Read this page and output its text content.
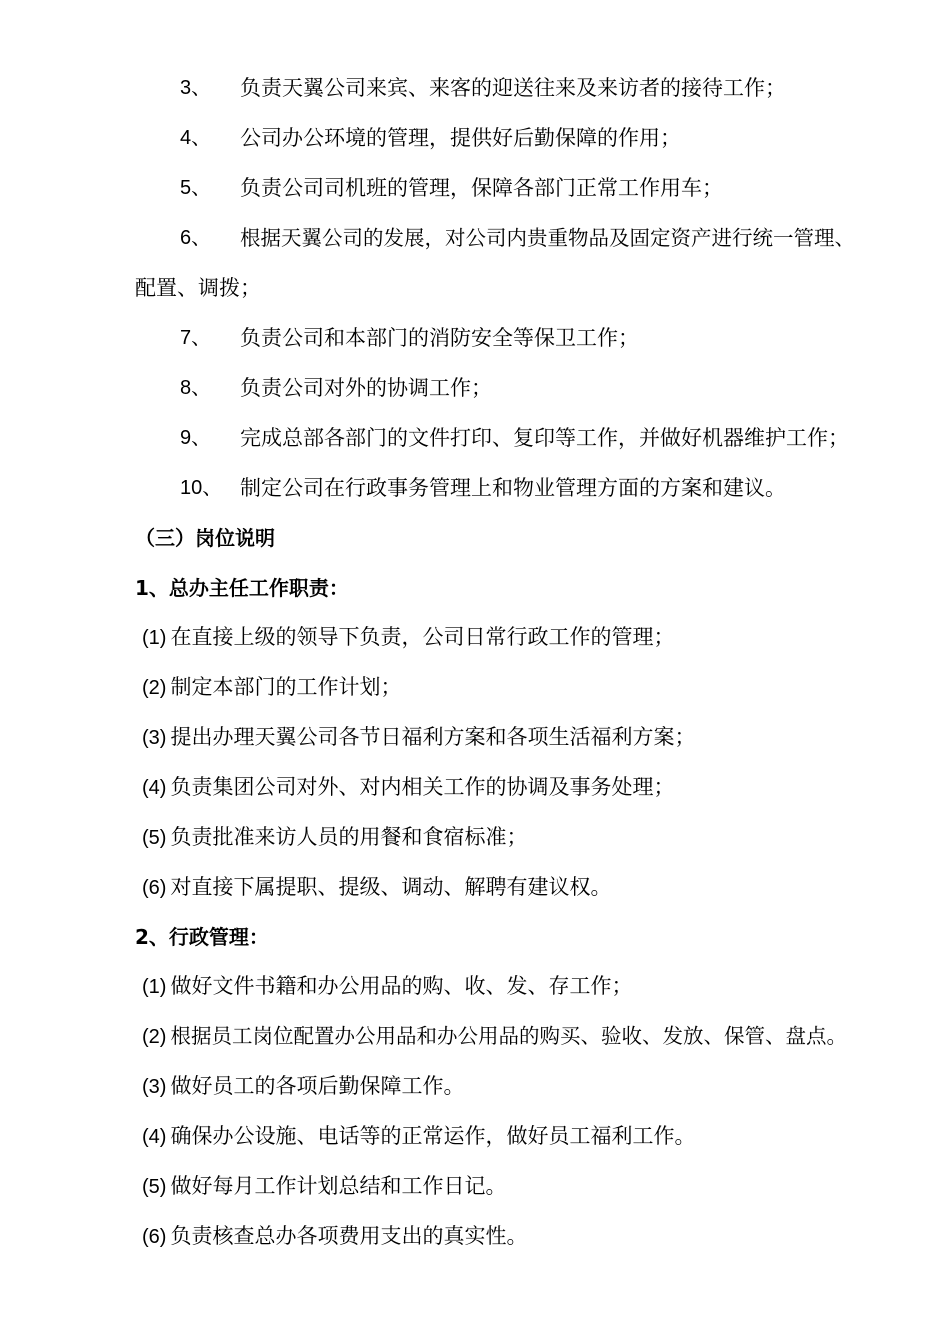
3、 负责天翼公司来宾、来客的迎送往来及来访者的接待工作；
4、 公司办公环境的管理，提供好后勤保障的作用；
5、 负责公司司机班的管理，保障各部门正常工作用车；
6、 根据天翼公司的发展，对公司内贵重物品及固定资产进行统一管理、
配置、调拨；
7、 负责公司和本部门的消防安全等保卫工作；
8、 负责公司对外的协调工作；
9、 完成总部各部门的文件打印、复印等工作，并做好机器维护工作；
10、 制定公司在行政事务管理上和物业管理方面的方案和建议。
（三）岗位说明
1、总办主任工作职责：
(1) 在直接上级的领导下负责，公司日常行政工作的管理；
(2) 制定本部门的工作计划；
(3) 提出办理天翼公司各节日福利方案和各项生活福利方案；
(4) 负责集团公司对外、对内相关工作的协调及事务处理；
(5) 负责批准来访人员的用餐和食宿标准；
(6) 对直接下属提职、提级、调动、解聘有建议权。
2、行政管理：
(1) 做好文件书籍和办公用品的购、收、发、存工作；
(2) 根据员工岗位配置办公用品和办公用品的购买、验收、发放、保管、盘点。
(3) 做好员工的各项后勤保障工作。
(4) 确保办公设施、电话等的正常运作，做好员工福利工作。
(5) 做好每月工作计划总结和工作日记。
(6) 负责核查总办各项费用支出的真实性。
